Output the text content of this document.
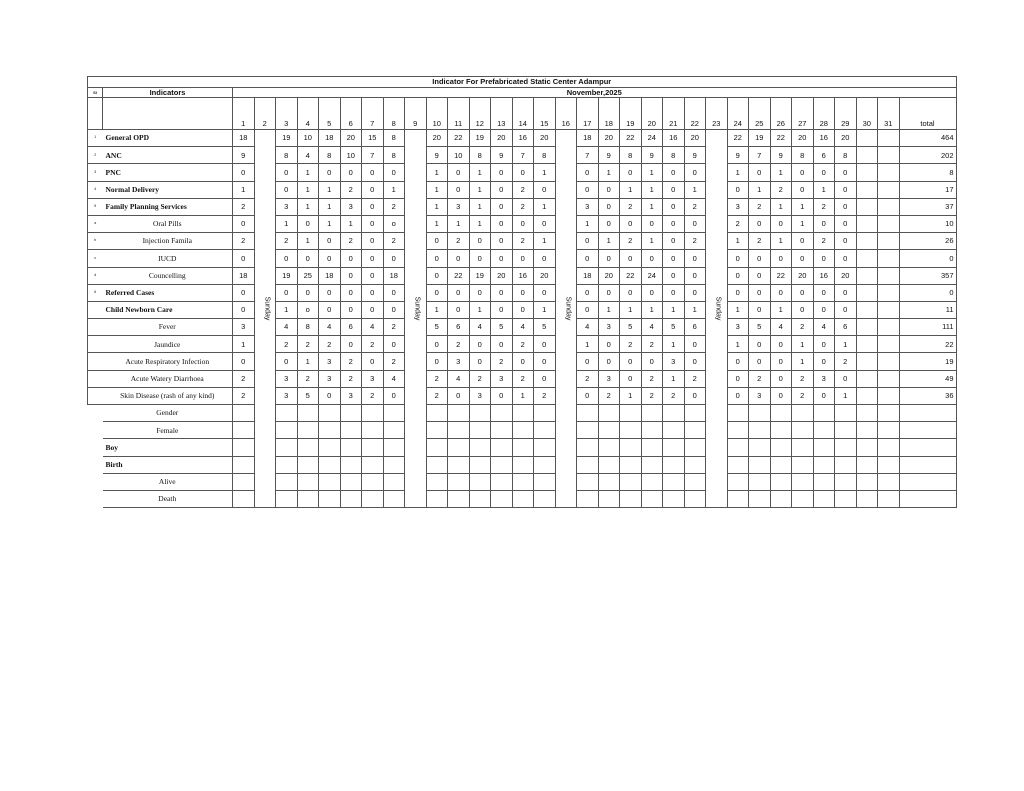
Indicator For Prefabricated Static Center Adampur																																	
Sl	Indicators	November,2025																															
		1	2	3	4	5	6	7	8	9	10	11	12	13	14	15	16	17	18	19	20	21	22	23	24	25	26	27	28	29	30	31	total
1	General OPD	18	Sunday	19	10	18	20	15	8	Sunday	20	22	19	20	16	20	Sunday	18	20	22	24	16	20	Sunday	22	19	22	20	16	20			464
2	ANC	9		8	4	8	10	7	8		9	10	8	9	7	8		7	9	8	9	8	9		9	7	9	8	6	8			202
3	PNC	0		0	1	0	0	0	0		1	0	1	0	0	1		0	1	0	1	0	0		1	0	1	0	0	0			8
4	Normal Delivery	1		0	1	1	2	0	1		1	0	1	0	2	0		0	0	1	1	0	1		0	1	2	0	1	0			17
5	Family Planning Services	2		3	1	1	3	0	2		1	3	1	0	2	1		3	0	2	1	0	2		3	2	1	1	2	0			37
a	Oral Pills	0		1	0	1	1	0	o		1	1	1	0	0	0		1	0	0	0	0	0		2	0	0	1	0	0			10
b	Injection Famila	2		2	1	0	2	0	2		0	2	0	0	2	1		0	1	2	1	0	2		1	2	1	0	2	0			26
c	IUCD	0		0	0	0	0	0	0		0	0	0	0	0	0		0	0	0	0	0	0		0	0	0	0	0	0			0
d	Councelling	18		19	25	18	0	0	18		0	22	19	20	16	20		18	20	22	24	0	0		0	0	22	20	16	20			357
6	Referred Cases	0		0	0	0	0	0	0		0	0	0	0	0	0		0	0	0	0	0	0		0	0	0	0	0	0			0
	Child Newborn Care	0		1	o	0	0	0	0		1	0	1	0	0	1		0	1	1	1	1	1		1	0	1	0	0	0			11
	Fever	3		4	8	4	6	4	2		5	6	4	5	4	5		4	3	5	4	5	6		3	5	4	2	4	6			111
	Jaundice	1		2	2	2	0	2	0		0	2	0	0	2	0		1	0	2	2	1	0		1	0	0	1	0	1			22
	Acute Respiratory Infection	0		0	1	3	2	0	2		0	3	0	2	0	0		0	0	0	0	3	0		0	0	0	1	0	2			19
	Acute Watery Diarrhoea	2		3	2	3	2	3	4		2	4	2	3	2	0		2	3	0	2	1	2		0	2	0	2	3	0			49
	Skin Disease (rash of any kind)	2		3	5	0	3	2	0		2	0	3	0	1	2		0	2	1	2	2	0		0	3	0	2	0	1			36
	Gender																																
	Female																																
	Boy																																
	Birth																																
	Alive																																
	Death																																
